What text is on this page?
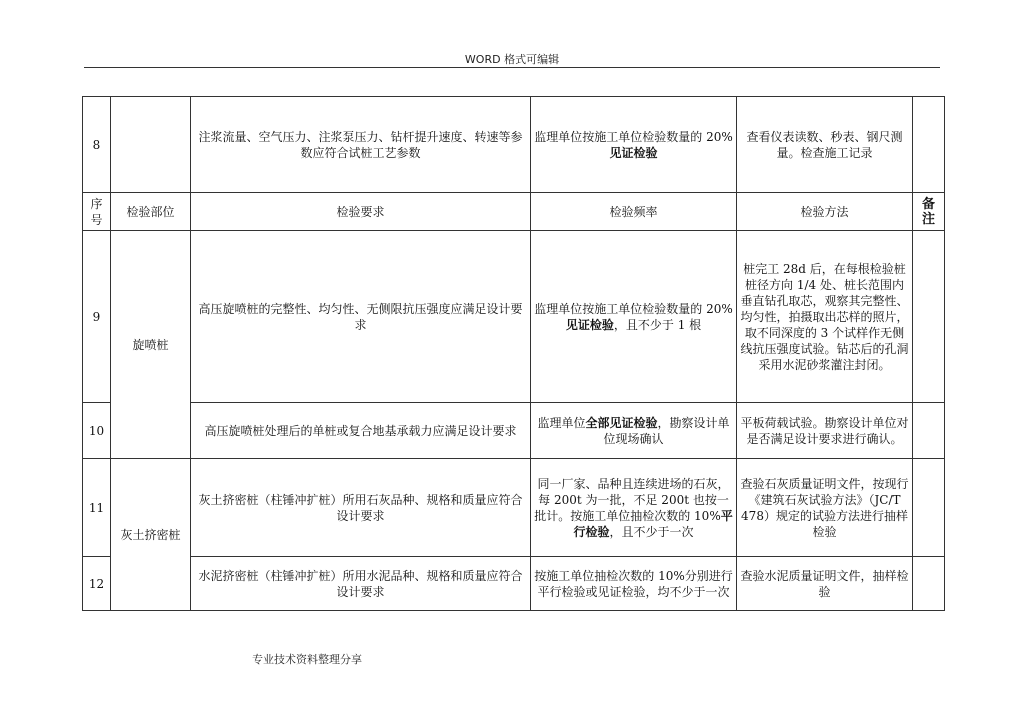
WORD 格式可编辑
8		注浆流量、空气压力、注浆泵压力、钻杆提升速度、转速等参数应符合试桩工艺参数	监理单位按施工单位检验数量的 20%见证检验	查看仪表读数、秒表、钢尺测量。检查施工记录	
序号	检验部位	检验要求	检验频率	检验方法	备注
9	旋喷桩	高压旋喷桩的完整性、均匀性、无侧限抗压强度应满足设计要求	监理单位按施工单位检验数量的 20%见证检验，且不少于 1 根	桩完工 28d 后，在每根检验桩桩径方向 1/4 处、桩长范围内垂直钻孔取芯，观察其完整性、均匀性，拍摄取出芯样的照片，取不同深度的 3 个试样作无侧线抗压强度试验。钻芯后的孔洞采用水泥砂浆灌注封闭。	
10		高压旋喷桩处理后的单桩或复合地基承载力应满足设计要求	监理单位全部见证检验，勘察设计单位现场确认	平板荷载试验。勘察设计单位对是否满足设计要求进行确认。	
11	灰土挤密桩	灰土挤密桩（柱锤冲扩桩）所用石灰品种、规格和质量应符合设计要求	同一厂家、品种且连续进场的石灰，每 200t 为一批，不足 200t 也按一批计。按施工单位抽检次数的 10%平行检验，且不少于一次	查验石灰质量证明文件，按现行《建筑石灰试验方法》（JC/T 478）规定的试验方法进行抽样检验	
12		水泥挤密桩（柱锤冲扩桩）所用水泥品种、规格和质量应符合设计要求	按施工单位抽检次数的 10%分别进行平行检验或见证检验，均不少于一次	查验水泥质量证明文件，抽样检验	
专业技术资料整理分享
